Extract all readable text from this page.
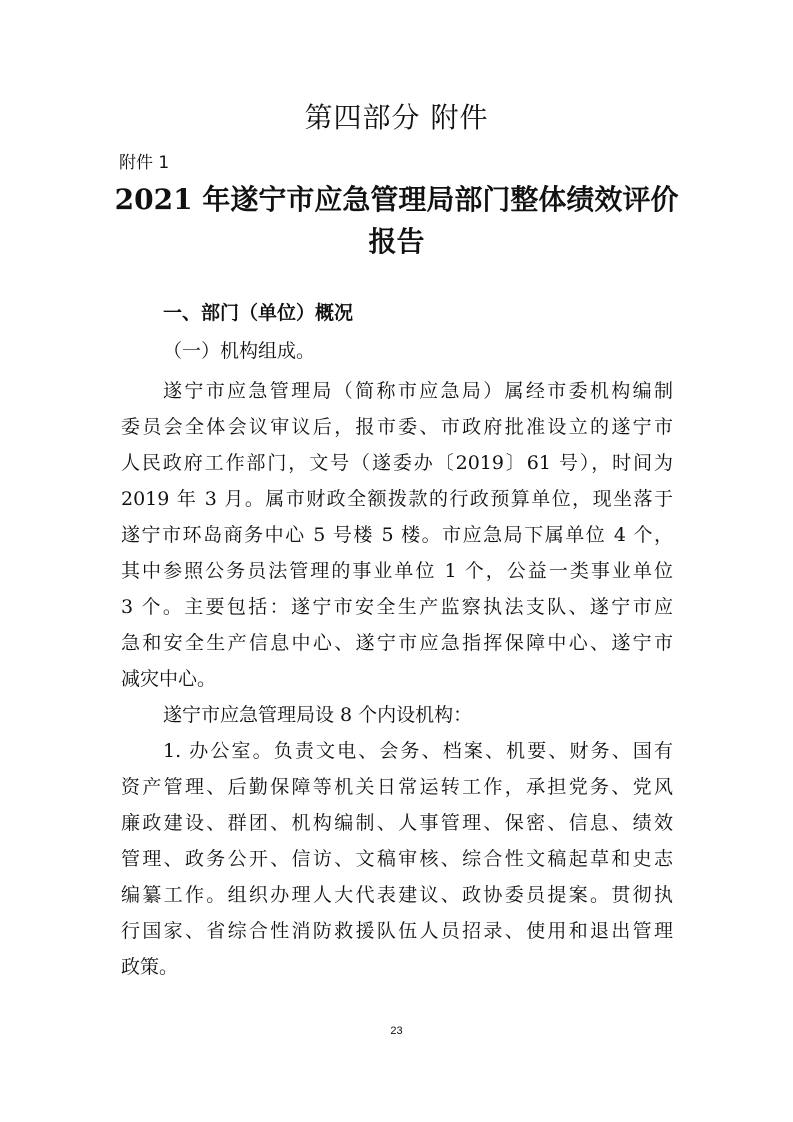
第四部分 附件
附件 1
2021 年遂宁市应急管理局部门整体绩效评价
报告
一、部门（单位）概况
（一）机构组成。
遂宁市应急管理局（简称市应急局）属经市委机构编制
委员会全体会议审议后，报市委、市政府批准设立的遂宁市
人民政府工作部门，文号（遂委办〔2019〕61 号），时间为
2019 年 3 月。属市财政全额拨款的行政预算单位，现坐落于
遂宁市环岛商务中心 5 号楼 5 楼。市应急局下属单位 4 个，
其中参照公务员法管理的事业单位 1 个，公益一类事业单位
3 个。主要包括：遂宁市安全生产监察执法支队、遂宁市应
急和安全生产信息中心、遂宁市应急指挥保障中心、遂宁市
减灾中心。
遂宁市应急管理局设 8 个内设机构：
1. 办公室。负责文电、会务、档案、机要、财务、国有
资产管理、后勤保障等机关日常运转工作，承担党务、党风
廉政建设、群团、机构编制、人事管理、保密、信息、绩效
管理、政务公开、信访、文稿审核、综合性文稿起草和史志
编纂工作。组织办理人大代表建议、政协委员提案。贯彻执
行国家、省综合性消防救援队伍人员招录、使用和退出管理
政策。
23
